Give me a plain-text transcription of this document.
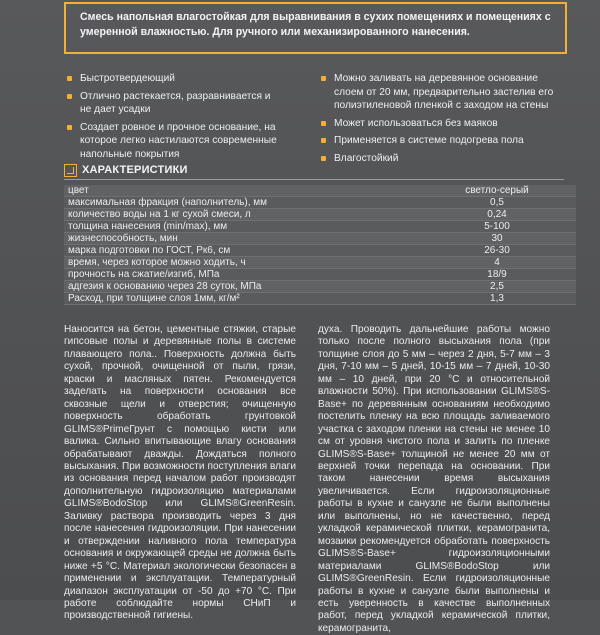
Смесь напольная влагостойкая для выравнивания в сухих помещениях и помещениях с умеренной влажностью. Для ручного или механизированного нанесения.
Быстротвердеющий
Отлично растекается, разравнивается и не дает усадки
Создает ровное и прочное основание, на которое легко настилаются современные напольные покрытия
Можно заливать на деревянное основание слоем от 20 мм, предварительно застелив его полиэтиленовой пленкой с заходом на стены
Может использоваться без маяков
Применяется в системе подогрева пола
Влагостойкий
ХАРАКТЕРИСТИКИ
цвет	светло-серый
максимальная фракция (наполнитель), мм	0,5
количество воды на 1 кг сухой смеси, л	0,24
толщина нанесения (min/max), мм	5-100
жизнеспособность, мин	30
марка подготовки по ГОСТ, Рк6, см	26-30
время, через которое можно ходить, ч	4
прочность на сжатие/изгиб, МПа	18/9
адгезия к основанию через 28 суток, МПа	2,5
Расход, при толщине слоя 1мм, кг/м²	1,3

Наносится на бетон, цементные стяжки, старые гипсовые полы и деревянные полы в системе плавающего пола.. Поверхность должна быть сухой, прочной, очищенной от пыли, грязи, краски и масляных пятен. Рекомендуется заделать на поверхности основания все сквозные щели и отверстия; очищенную поверхность обработать грунтовкой GLIMS®PrimeГрунт с помощью кисти или валика. Сильно впитывающие влагу основания обрабатывают дважды. Дождаться полного высыхания. При возможности поступления влаги из основания перед началом работ производят дополнительную гидроизоляцию материалами GLIMS®BodoStop или GLIMS®GreenResin. Заливку раствора производить через 3 дня после нанесения гидроизоляции. При нанесении и отверждении наливного пола температура основания и окружающей среды не должна быть ниже +5 °С. Материал экологически безопасен в применении и эксплуатации. Температурный диапазон эксплуатации от -50 до +70 °С. При работе соблюдайте нормы СНиП и производственной гигиены.

духа. Проводить дальнейшие работы можно только после полного высыхания пола (при толщине слоя до 5 мм – через 2 дня, 5-7 мм – 3 дня, 7-10 мм – 5 дней, 10-15 мм – 7 дней, 10-30 мм – 10 дней, при 20 °С и относительной влажности 50%). При использовании GLIMS®S-Base+ по деревянным основаниям необходимо постелить пленку на всю площадь заливаемого участка с заходом пленки на стены не менее 10 см от уровня чистого пола и залить по пленке GLIMS®S-Base+ толщиной не менее 20 мм от верхней точки перепада на основании. При таком нанесении время высыхания увеличивается. Если гидроизоляционные работы в кухне и санузле не были выполнены или выполнены, но не качественно, перед укладкой керамической плитки, керамогранита, мозаики рекомендуется обработать поверхность GLIMS®S-Base+ гидроизоляционными материалами GLIMS®BodoStop или GLIMS®GreenResin. Если гидроизоляционные работы в кухне и санузле были выполнены и есть уверенность в качестве выполненных работ, перед укладкой керамической плитки, керамогранита,
